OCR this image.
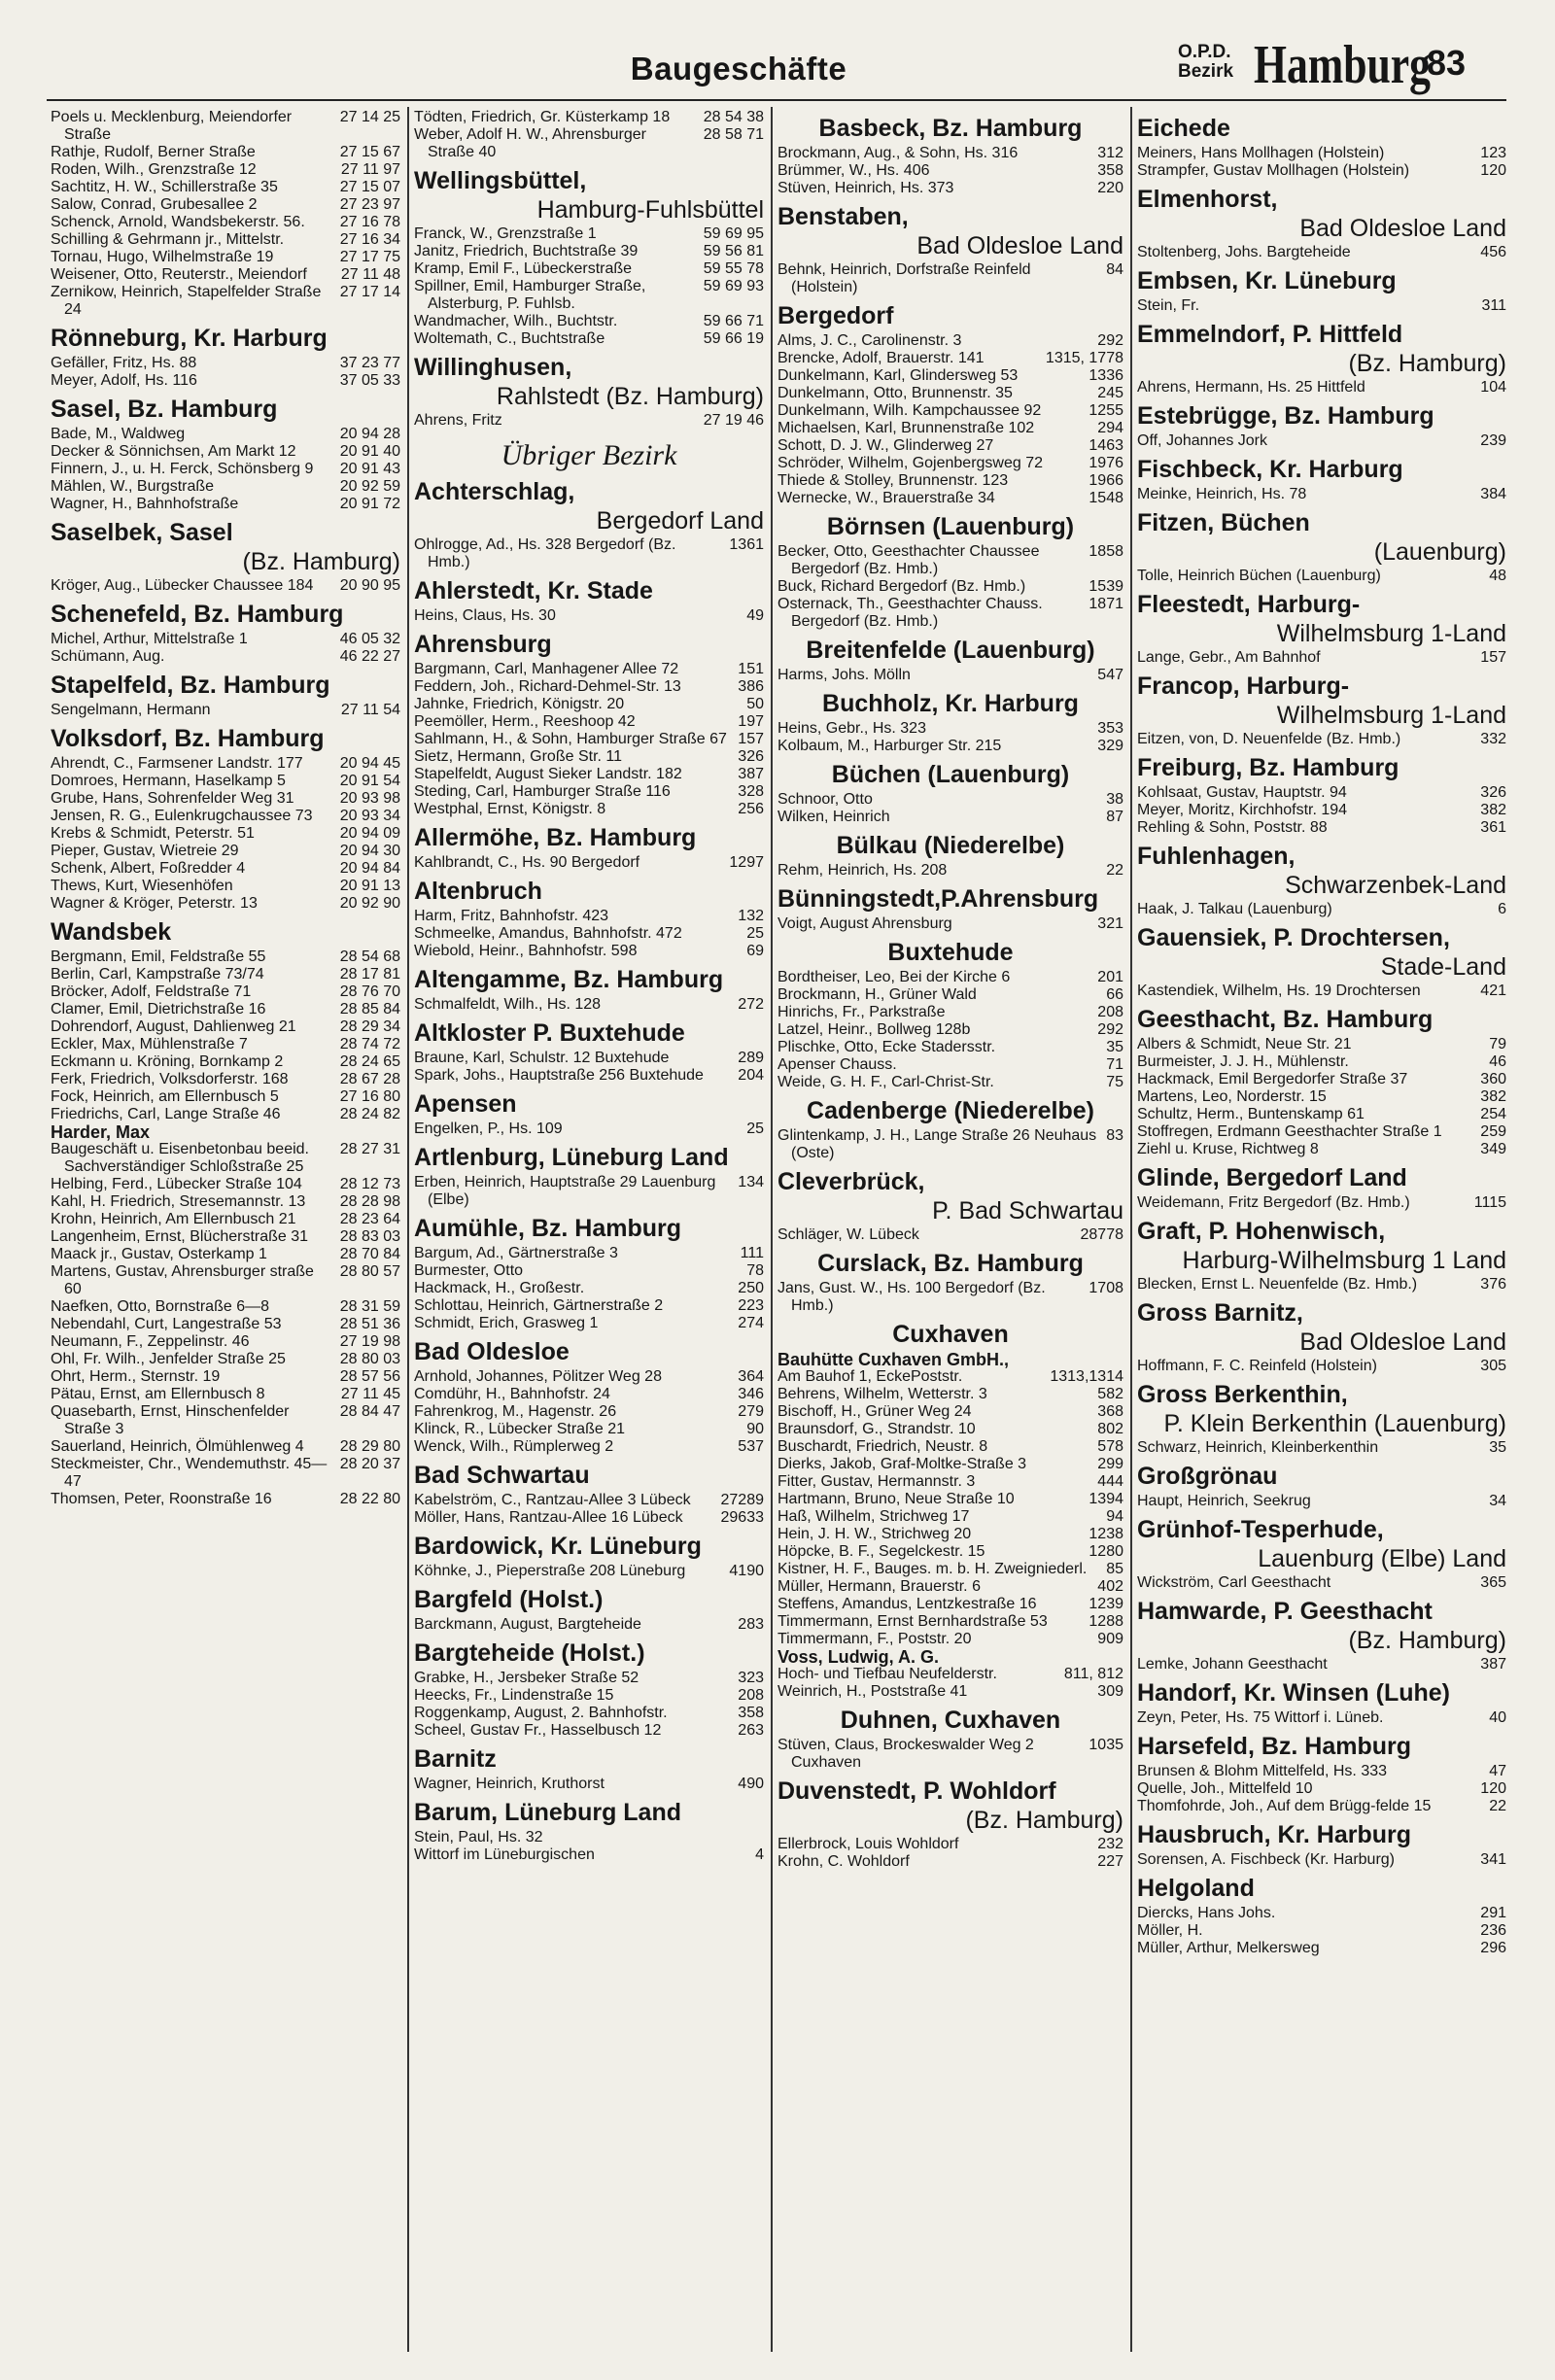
Baugeschäfte	O.P.D.
Bezirk Hamburg
83
27 14 25
Poels u. Mecklenburg, Meiendorfer Straße
27 15 67
Rathje, Rudolf, Berner Straße
27 11 97
Roden, Wilh., Grenzstraße 12
27 15 07
Sachtitz, H. W., Schillerstraße 35
27 23 97
Salow, Conrad, Grubesallee 2
27 16 78
Schenck, Arnold, Wandsbekerstr. 56.
27 16 34
Schilling & Gehrmann jr., Mittelstr.
27 17 75
Tornau, Hugo, Wilhelmstraße 19
27 11 48
Weisener, Otto, Reuterstr., Meiendorf
27 17 14
Zernikow, Heinrich, Stapelfelder Straße 24
Rönneburg, Kr. Harburg
37 23 77
Gefäller, Fritz, Hs. 88
37 05 33
Meyer, Adolf, Hs. 116
Sasel, Bz. Hamburg
20 94 28
Bade, M., Waldweg
20 91 40
Decker & Sönnichsen, Am Markt 12
20 91 43
Finnern, J., u. H. Ferck, Schönsberg 9
20 92 59
Mählen, W., Burgstraße
20 91 72
Wagner, H., Bahnhofstraße
Saselbek, Sasel
(Bz. Hamburg)
20 90 95
Kröger, Aug., Lübecker Chaussee 184
Schenefeld, Bz. Hamburg
46 05 32
Michel, Arthur, Mittelstraße 1
46 22 27
Schümann, Aug.
Stapelfeld, Bz. Hamburg
27 11 54
Sengelmann, Hermann
Volksdorf, Bz. Hamburg
20 94 45
Ahrendt, C., Farmsener Landstr. 177
20 91 54
Domroes, Hermann, Haselkamp 5
20 93 98
Grube, Hans, Sohrenfelder Weg 31
20 93 34
Jensen, R. G., Eulenkrugchaussee 73
20 94 09
Krebs & Schmidt, Peterstr. 51
20 94 30
Pieper, Gustav, Wietreie 29
20 94 84
Schenk, Albert, Foßredder 4
20 91 13
Thews, Kurt, Wiesenhöfen
20 92 90
Wagner & Kröger, Peterstr. 13
Wandsbek
28 54 68
Bergmann, Emil, Feldstraße 55
28 17 81
Berlin, Carl, Kampstraße 73/74
28 76 70
Bröcker, Adolf, Feldstraße 71
28 85 84
Clamer, Emil, Dietrichstraße 16
28 29 34
Dohrendorf, August, Dahlienweg 21
28 74 72
Eckler, Max, Mühlenstraße 7
28 24 65
Eckmann u. Kröning, Bornkamp 2
28 67 28
Ferk, Friedrich, Volksdorferstr. 168
27 16 80
Fock, Heinrich, am Ellernbusch 5
28 24 82
Friedrichs, Carl, Lange Straße 46
Harder, Max
28 27 31
Baugeschäft u. Eisenbetonbau beeid. Sachverständiger Schloßstraße 25
28 12 73
Helbing, Ferd., Lübecker Straße 104
28 28 98
Kahl, H. Friedrich, Stresemannstr. 13
28 23 64
Krohn, Heinrich, Am Ellernbusch 21
28 83 03
Langenheim, Ernst, Blücherstraße 31
28 70 84
Maack jr., Gustav, Osterkamp 1
28 80 57
Martens, Gustav, Ahrensburger straße 60
28 31 59
Naefken, Otto, Bornstraße 6—8
28 51 36
Nebendahl, Curt, Langestraße 53
27 19 98
Neumann, F., Zeppelinstr. 46
28 80 03
Ohl, Fr. Wilh., Jenfelder Straße 25
28 57 56
Ohrt, Herm., Sternstr. 19
27 11 45
Pätau, Ernst, am Ellernbusch 8
28 84 47
Quasebarth, Ernst, Hinschenfelder Straße 3
28 29 80
Sauerland, Heinrich, Ölmühlenweg 4
28 20 37
Steckmeister, Chr., Wendemuthstr. 45—47
28 22 80
Thomsen, Peter, Roonstraße 16
28 54 38
Tödten, Friedrich, Gr. Küsterkamp 18
28 58 71
Weber, Adolf H. W., Ahrensburger Straße 40
Wellingsbüttel,
Hamburg-Fuhlsbüttel
59 69 95
Franck, W., Grenzstraße 1
59 56 81
Janitz, Friedrich, Buchtstraße 39
59 55 78
Kramp, Emil F., Lübeckerstraße
59 69 93
Spillner, Emil, Hamburger Straße, Alsterburg, P. Fuhlsb.
59 66 71
Wandmacher, Wilh., Buchtstr.
59 66 19
Woltemath, C., Buchtstraße
Willinghusen,
Rahlstedt (Bz. Hamburg)
27 19 46
Ahrens, Fritz
Übriger Bezirk
Achterschlag,
Bergedorf Land
1361
Ohlrogge, Ad., Hs. 328 Bergedorf (Bz. Hmb.)
Ahlerstedt, Kr. Stade
49
Heins, Claus, Hs. 30
Ahrensburg
151
Bargmann, Carl, Manhagener Allee 72
386
Feddern, Joh., Richard-Dehmel-Str. 13
50
Jahnke, Friedrich, Königstr. 20
197
Peemöller, Herm., Reeshoop 42
157
Sahlmann, H., & Sohn, Hamburger Straße 67
326
Sietz, Hermann, Große Str. 11
387
Stapelfeldt, August Sieker Landstr. 182
328
Steding, Carl, Hamburger Straße 116
256
Westphal, Ernst, Königstr. 8
Allermöhe, Bz. Hamburg
1297
Kahlbrandt, C., Hs. 90 Bergedorf
Altenbruch
132
Harm, Fritz, Bahnhofstr. 423
25
Schmeelke, Amandus, Bahnhofstr. 472
69
Wiebold, Heinr., Bahnhofstr. 598
Altengamme, Bz. Hamburg
272
Schmalfeldt, Wilh., Hs. 128
Altkloster P. Buxtehude
289
Braune, Karl, Schulstr. 12 Buxtehude
204
Spark, Johs., Hauptstraße 256 Buxtehude
Apensen
25
Engelken, P., Hs. 109
Artlenburg, Lüneburg Land
134
Erben, Heinrich, Hauptstraße 29 Lauenburg (Elbe)
Aumühle, Bz. Hamburg
111
Bargum, Ad., Gärtnerstraße 3
78
Burmester, Otto
250
Hackmack, H., Großestr.
223
Schlottau, Heinrich, Gärtnerstraße 2
274
Schmidt, Erich, Grasweg 1
Bad Oldesloe
364
Arnhold, Johannes, Pölitzer Weg 28
346
Comdühr, H., Bahnhofstr. 24
279
Fahrenkrog, M., Hagenstr. 26
90
Klinck, R., Lübecker Straße 21
537
Wenck, Wilh., Rümplerweg 2
Bad Schwartau
27289
Kabelström, C., Rantzau-Allee 3 Lübeck
29633
Möller, Hans, Rantzau-Allee 16 Lübeck
Bardowick, Kr. Lüneburg
4190
Köhnke, J., Pieperstraße 208 Lüneburg
Bargfeld (Holst.)
283
Barckmann, August, Bargteheide
Bargteheide (Holst.)
323
Grabke, H., Jersbeker Straße 52
208
Heecks, Fr., Lindenstraße 15
358
Roggenkamp, August, 2. Bahnhofstr.
263
Scheel, Gustav Fr., Hasselbusch 12
Barnitz
490
Wagner, Heinrich, Kruthorst
Barum, Lüneburg Land
Stein, Paul, Hs. 32
4
Wittorf im Lüneburgischen
Basbeck, Bz. Hamburg
312
Brockmann, Aug., & Sohn, Hs. 316
358
Brümmer, W., Hs. 406
220
Stüven, Heinrich, Hs. 373
Benstaben,
Bad Oldesloe Land
84
Behnk, Heinrich, Dorfstraße Reinfeld (Holstein)
Bergedorf
292
Alms, J. C., Carolinenstr. 3
1315, 1778
Brencke, Adolf, Brauerstr. 141
1336
Dunkelmann, Karl, Glindersweg 53
245
Dunkelmann, Otto, Brunnenstr. 35
1255
Dunkelmann, Wilh. Kampchaussee 92
294
Michaelsen, Karl, Brunnenstraße 102
1463
Schott, D. J. W., Glinderweg 27
1976
Schröder, Wilhelm, Gojenbergsweg 72
1966
Thiede & Stolley, Brunnenstr. 123
1548
Wernecke, W., Brauerstraße 34
Börnsen (Lauenburg)
1858
Becker, Otto, Geesthachter Chaussee Bergedorf (Bz. Hmb.)
1539
Buck, Richard Bergedorf (Bz. Hmb.)
1871
Osternack, Th., Geesthachter Chauss. Bergedorf (Bz. Hmb.)
Breitenfelde (Lauenburg)
547
Harms, Johs. Mölln
Buchholz, Kr. Harburg
353
Heins, Gebr., Hs. 323
329
Kolbaum, M., Harburger Str. 215
Büchen (Lauenburg)
38
Schnoor, Otto
87
Wilken, Heinrich
Bülkau (Niederelbe)
22
Rehm, Heinrich, Hs. 208
Bünningstedt,P.Ahrensburg
321
Voigt, August Ahrensburg
Buxtehude
201
Bordtheiser, Leo, Bei der Kirche 6
66
Brockmann, H., Grüner Wald
208
Hinrichs, Fr., Parkstraße
292
Latzel, Heinr., Bollweg 128b
35
Plischke, Otto, Ecke Stadersstr.
71
Apenser Chauss.
75
Weide, G. H. F., Carl-Christ-Str.
Cadenberge (Niederelbe)
83
Glintenkamp, J. H., Lange Straße 26 Neuhaus (Oste)
Cleverbrück,
P. Bad Schwartau
28778
Schläger, W. Lübeck
Curslack, Bz. Hamburg
1708
Jans, Gust. W., Hs. 100 Bergedorf (Bz. Hmb.)
Cuxhaven
Bauhütte Cuxhaven GmbH.,
1313,1314
Am Bauhof 1, EckePoststr.
582
Behrens, Wilhelm, Wetterstr. 3
368
Bischoff, H., Grüner Weg 24
802
Braunsdorf, G., Strandstr. 10
578
Buschardt, Friedrich, Neustr. 8
299
Dierks, Jakob, Graf-Moltke-Straße 3
444
Fitter, Gustav, Hermannstr. 3
1394
Hartmann, Bruno, Neue Straße 10
94
Haß, Wilhelm, Strichweg 17
1238
Hein, J. H. W., Strichweg 20
1280
Höpcke, B. F., Segelckestr. 15
85
Kistner, H. F., Bauges. m. b. H. Zweigniederl.
402
Müller, Hermann, Brauerstr. 6
1239
Steffens, Amandus, Lentzkestraße 16
1288
Timmermann, Ernst Bernhardstraße 53
909
Timmermann, F., Poststr. 20
Voss, Ludwig, A. G.
811, 812
Hoch- und Tiefbau Neufelderstr.
309
Weinrich, H., Poststraße 41
Duhnen, Cuxhaven
1035
Stüven, Claus, Brockeswalder Weg 2 Cuxhaven
Duvenstedt, P. Wohldorf
(Bz. Hamburg)
232
Ellerbrock, Louis Wohldorf
227
Krohn, C. Wohldorf
Eichede
123
Meiners, Hans Mollhagen (Holstein)
120
Strampfer, Gustav Mollhagen (Holstein)
Elmenhorst,
Bad Oldesloe Land
456
Stoltenberg, Johs. Bargteheide
Embsen, Kr. Lüneburg
311
Stein, Fr.
Emmelndorf, P. Hittfeld
(Bz. Hamburg)
104
Ahrens, Hermann, Hs. 25 Hittfeld
Estebrügge, Bz. Hamburg
239
Off, Johannes Jork
Fischbeck, Kr. Harburg
384
Meinke, Heinrich, Hs. 78
Fitzen, Büchen
(Lauenburg)
48
Tolle, Heinrich Büchen (Lauenburg)
Fleestedt, Harburg-
Wilhelmsburg 1-Land
157
Lange, Gebr., Am Bahnhof
Francop, Harburg-
Wilhelmsburg 1-Land
332
Eitzen, von, D. Neuenfelde (Bz. Hmb.)
Freiburg, Bz. Hamburg
326
Kohlsaat, Gustav, Hauptstr. 94
382
Meyer, Moritz, Kirchhofstr. 194
361
Rehling & Sohn, Poststr. 88
Fuhlenhagen,
Schwarzenbek-Land
6
Haak, J. Talkau (Lauenburg)
Gauensiek, P. Drochtersen,
Stade-Land
421
Kastendiek, Wilhelm, Hs. 19 Drochtersen
Geesthacht, Bz. Hamburg
79
Albers & Schmidt, Neue Str. 21
46
Burmeister, J. J. H., Mühlenstr.
360
Hackmack, Emil Bergedorfer Straße 37
382
Martens, Leo, Norderstr. 15
254
Schultz, Herm., Buntenskamp 61
259
Stoffregen, Erdmann Geesthachter Straße 1
349
Ziehl u. Kruse, Richtweg 8
Glinde, Bergedorf Land
1115
Weidemann, Fritz Bergedorf (Bz. Hmb.)
Graft, P. Hohenwisch,
Harburg-Wilhelmsburg 1 Land
376
Blecken, Ernst L. Neuenfelde (Bz. Hmb.)
Gross Barnitz,
Bad Oldesloe Land
305
Hoffmann, F. C. Reinfeld (Holstein)
Gross Berkenthin,
P. Klein Berkenthin (Lauenburg)
35
Schwarz, Heinrich, Kleinberkenthin
Großgrönau
34
Haupt, Heinrich, Seekrug
Grünhof-Tesperhude,
Lauenburg (Elbe) Land
365
Wickström, Carl Geesthacht
Hamwarde, P. Geesthacht
(Bz. Hamburg)
387
Lemke, Johann Geesthacht
Handorf, Kr. Winsen (Luhe)
40
Zeyn, Peter, Hs. 75 Wittorf i. Lüneb.
Harsefeld, Bz. Hamburg
47
Brunsen & Blohm Mittelfeld, Hs. 333
120
Quelle, Joh., Mittelfeld 10
22
Thomfohrde, Joh., Auf dem Brügg-felde 15
Hausbruch, Kr. Harburg
341
Sorensen, A. Fischbeck (Kr. Harburg)
Helgoland
291
Diercks, Hans Johs.
236
Möller, H.
296
Müller, Arthur, Melkersweg
